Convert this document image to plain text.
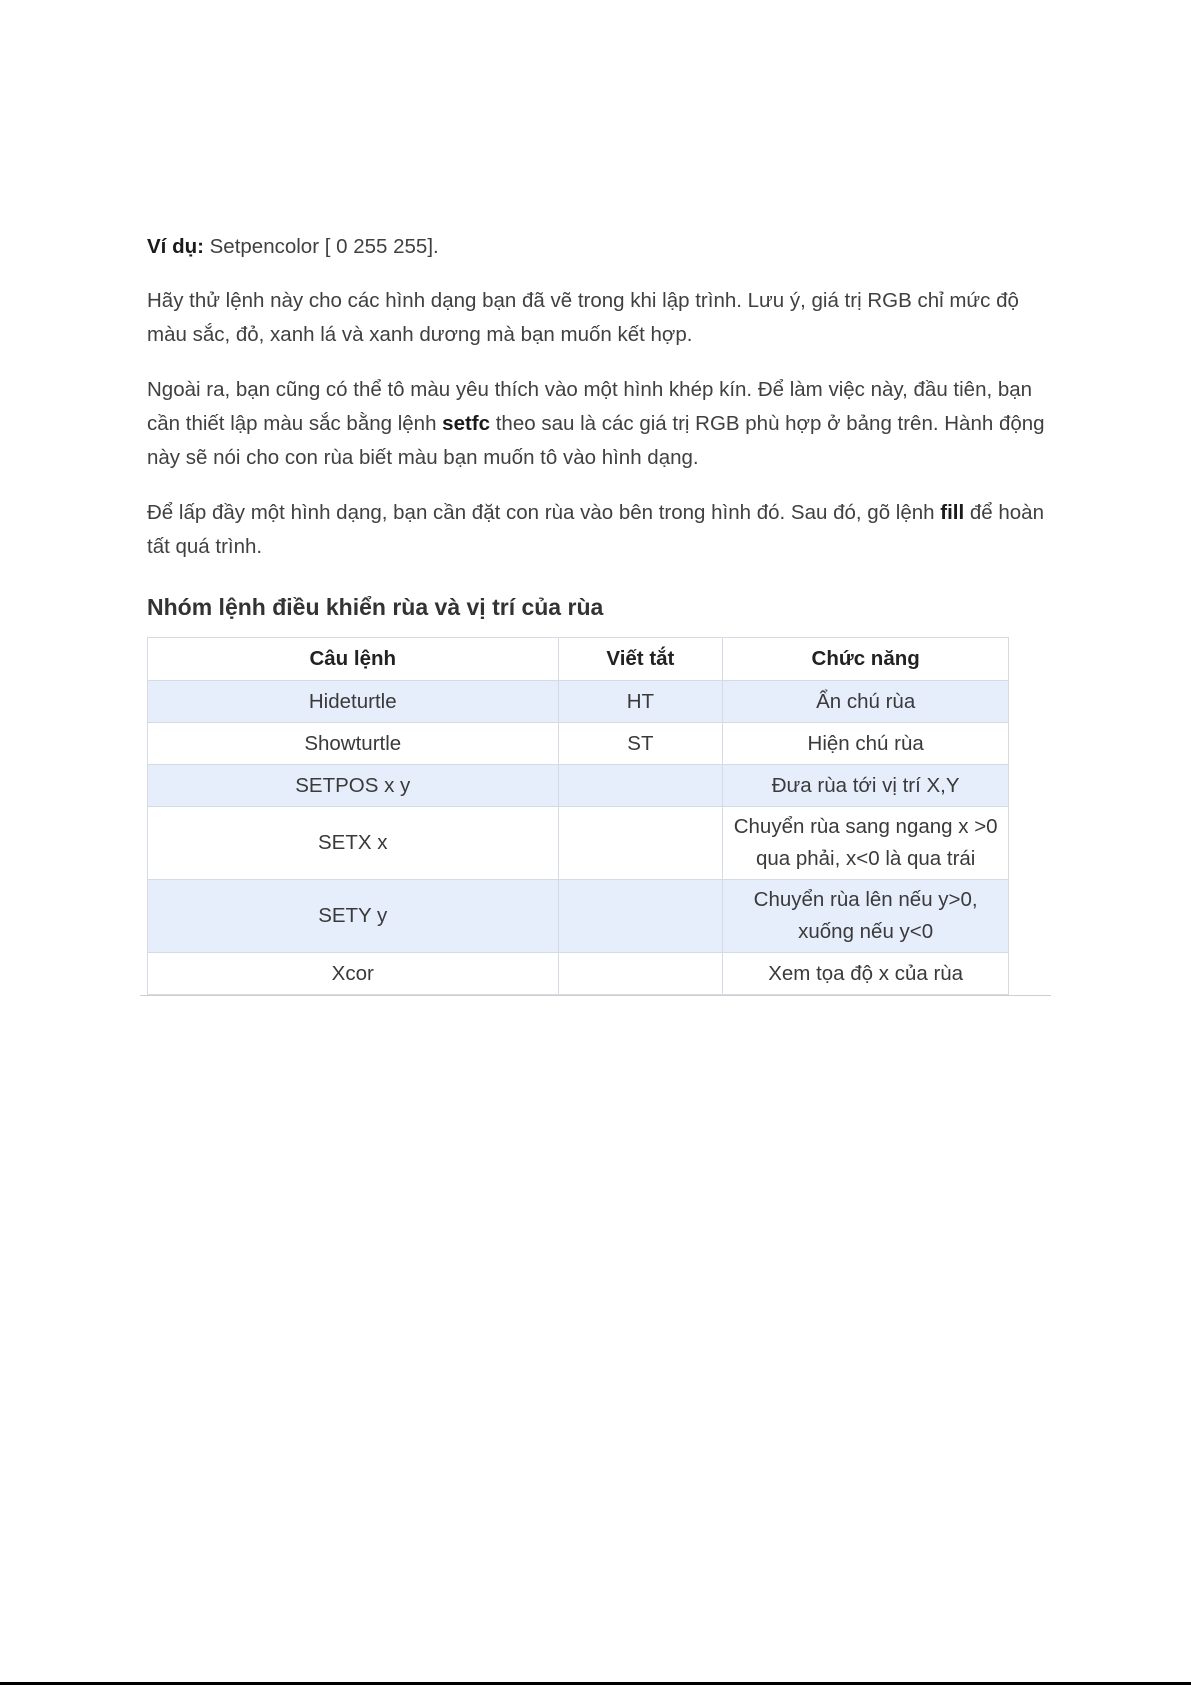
Ví dụ: Setpencolor [ 0 255 255].

Hãy thử lệnh này cho các hình dạng bạn đã vẽ trong khi lập trình. Lưu ý, giá trị RGB chỉ mức độ màu sắc, đỏ, xanh lá và xanh dương mà bạn muốn kết hợp.

Ngoài ra, bạn cũng có thể tô màu yêu thích vào một hình khép kín. Để làm việc này, đầu tiên, bạn cần thiết lập màu sắc bằng lệnh setfc theo sau là các giá trị RGB phù hợp ở bảng trên. Hành động này sẽ nói cho con rùa biết màu bạn muốn tô vào hình dạng.

Để lấp đầy một hình dạng, bạn cần đặt con rùa vào bên trong hình đó. Sau đó, gõ lệnh fill để hoàn tất quá trình.

Nhóm lệnh điều khiển rùa và vị trí của rùa
Câu lệnh	Viết tắt	Chức năng
Hideturtle	HT	Ẩn chú rùa
Showturtle	ST	Hiện chú rùa
SETPOS x y		Đưa rùa tới vị trí X,Y
SETX x		Chuyển rùa sang ngang x >0 qua phải, x<0 là qua trái
SETY y		Chuyển rùa lên nếu y>0, xuống nếu y<0
Xcor		Xem tọa độ x của rùa
